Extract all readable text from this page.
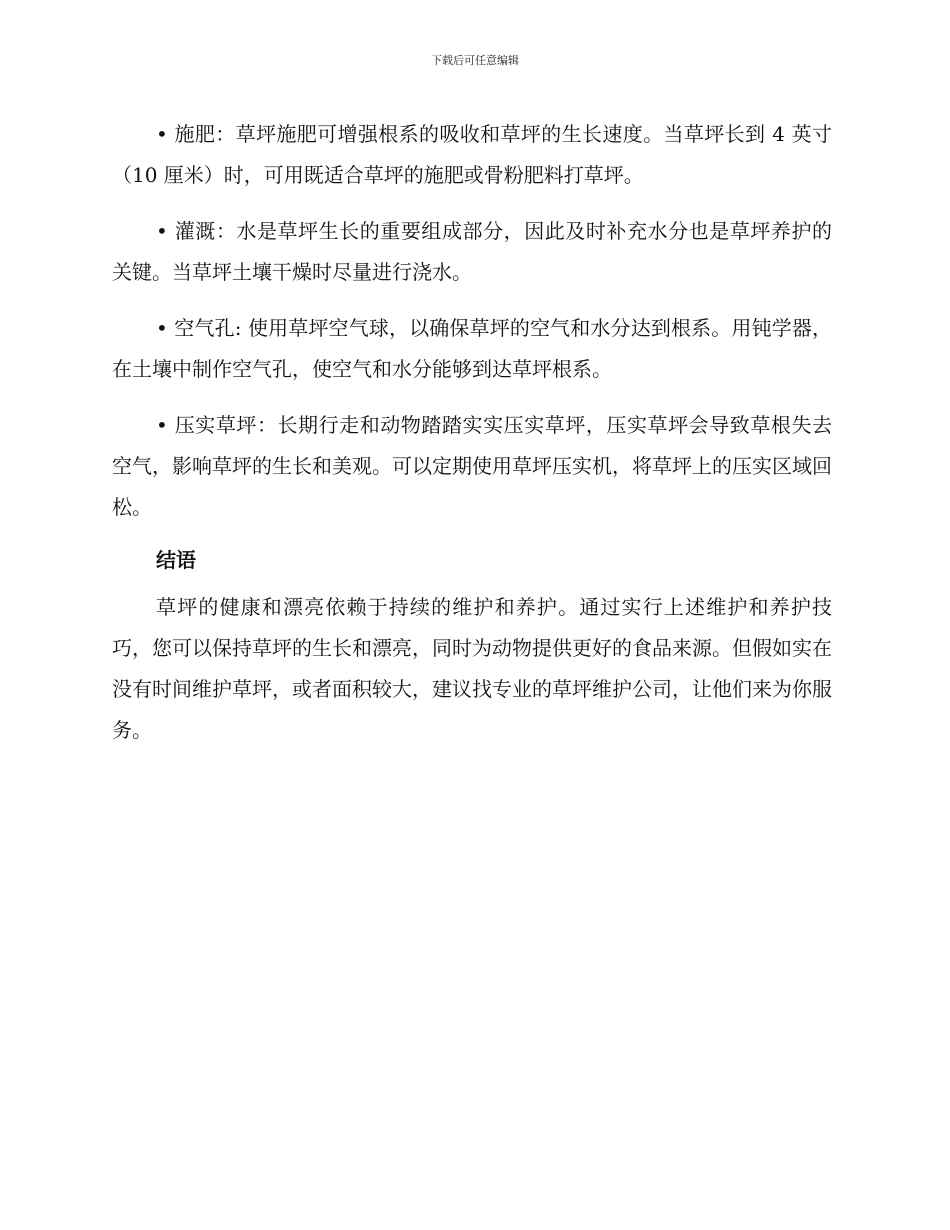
下载后可任意编辑

• 施肥：草坪施肥可增强根系的吸收和草坪的生长速度。当草坪长到 4 英寸（10 厘米）时，可用既适合草坪的施肥或骨粉肥料打草坪。

• 灌溉：水是草坪生长的重要组成部分，因此及时补充水分也是草坪养护的关键。当草坪土壤干燥时尽量进行浇水。

• 空气孔: 使用草坪空气球，以确保草坪的空气和水分达到根系。用钝学器，在土壤中制作空气孔，使空气和水分能够到达草坪根系。

• 压实草坪：长期行走和动物踏踏实实压实草坪，压实草坪会导致草根失去空气，影响草坪的生长和美观。可以定期使用草坪压实机，将草坪上的压实区域回松。

结语

草坪的健康和漂亮依赖于持续的维护和养护。通过实行上述维护和养护技巧，您可以保持草坪的生长和漂亮，同时为动物提供更好的食品来源。但假如实在没有时间维护草坪，或者面积较大，建议找专业的草坪维护公司，让他们来为你服务。
